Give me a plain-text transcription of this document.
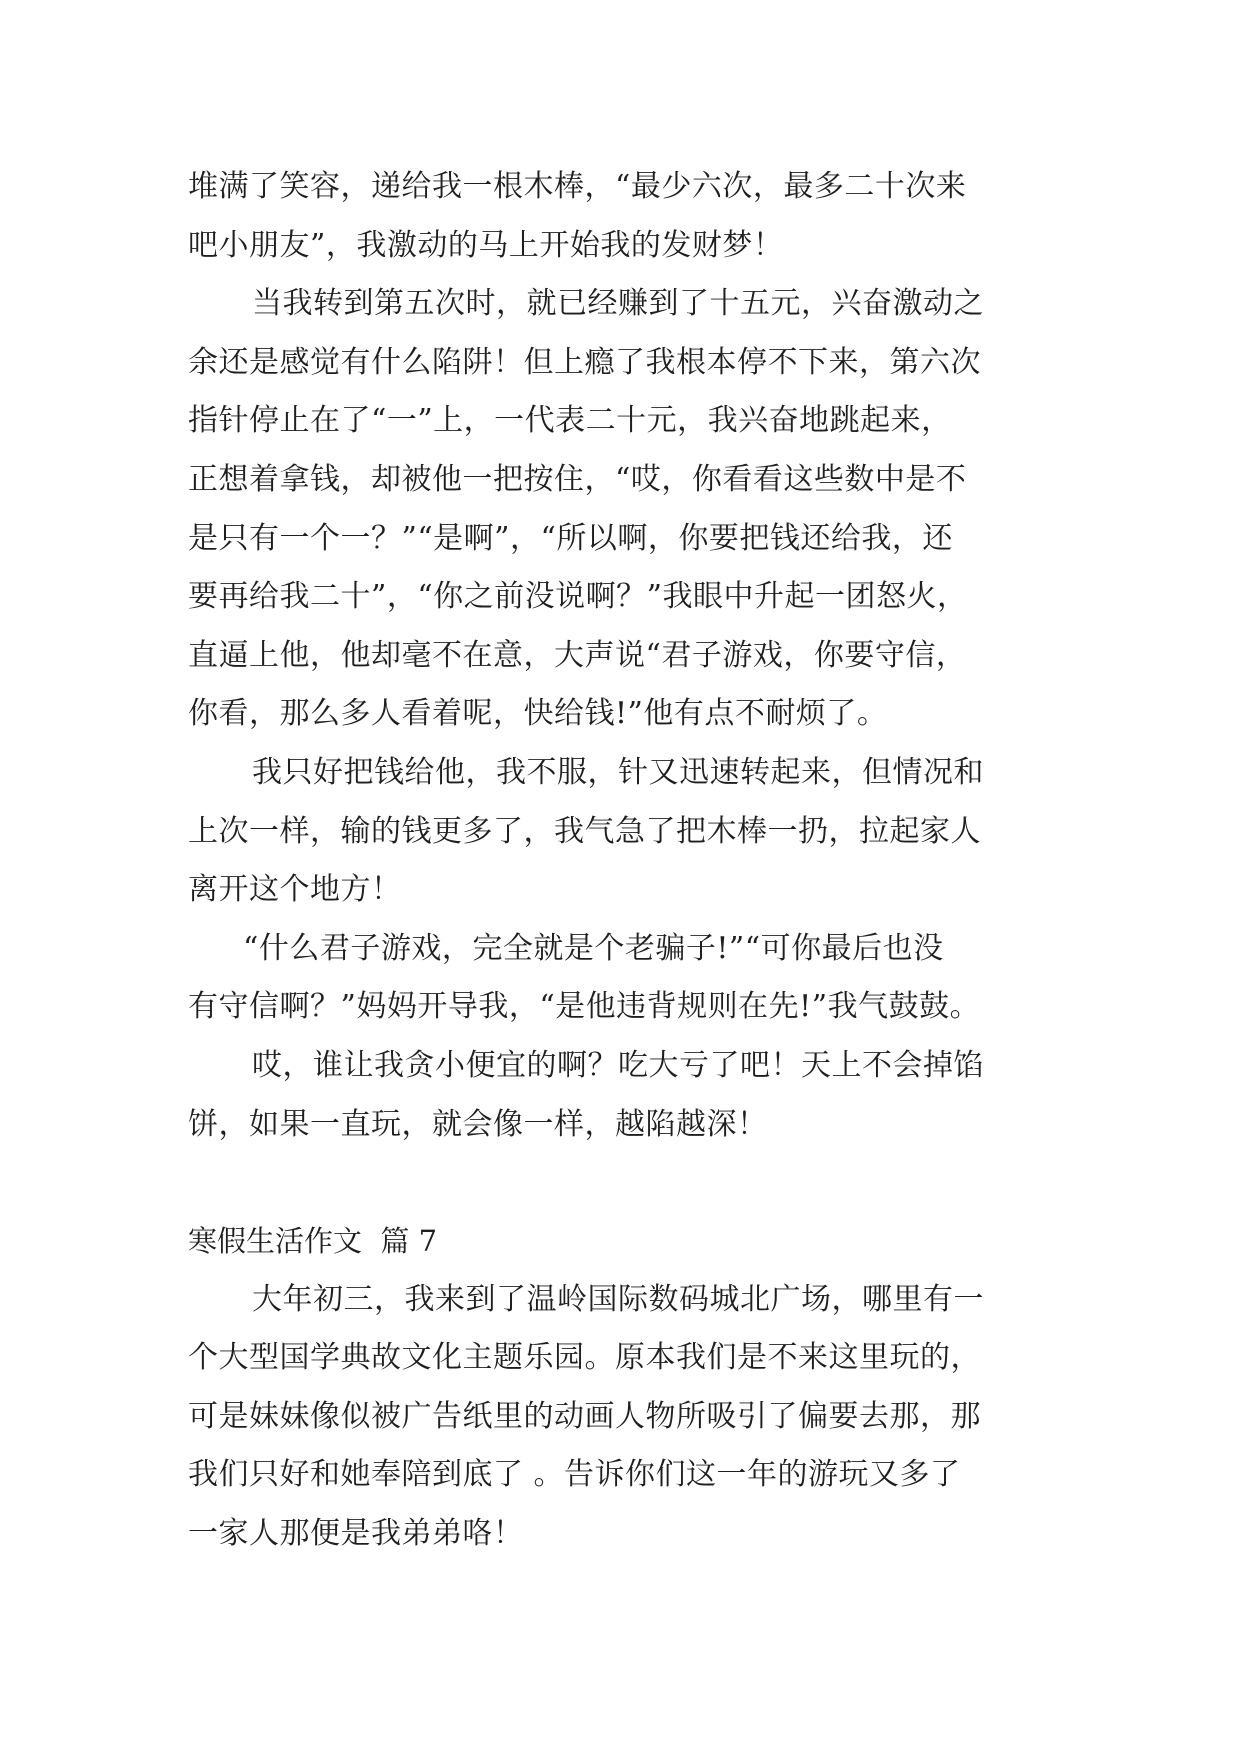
堆满了笑容，递给我一根木棒，“最少六次，最多二十次来
吧小朋友”，我激动的马上开始我的发财梦！
当我转到第五次时，就已经赚到了十五元，兴奋激动之
余还是感觉有什么陷阱！但上瘾了我根本停不下来，第六次
指针停止在了“一”上，一代表二十元，我兴奋地跳起来，
正想着拿钱，却被他一把按住，“哎，你看看这些数中是不
是只有一个一？”“是啊”，“所以啊，你要把钱还给我，还
要再给我二十”，“你之前没说啊？”我眼中升起一团怒火，
直逼上他，他却毫不在意，大声说“君子游戏，你要守信，
你看，那么多人看着呢，快给钱!”他有点不耐烦了。
我只好把钱给他，我不服，针又迅速转起来，但情况和
上次一样，输的钱更多了，我气急了把木棒一扔，拉起家人
离开这个地方！
“什么君子游戏，完全就是个老骗子!”“可你最后也没
有守信啊？”妈妈开导我，“是他违背规则在先!”我气鼓鼓。
哎，谁让我贪小便宜的啊？吃大亏了吧！天上不会掉馅
饼，如果一直玩，就会像一样，越陷越深！
寒假生活作文  篇 7
大年初三，我来到了温岭国际数码城北广场，哪里有一
个大型国学典故文化主题乐园。原本我们是不来这里玩的，
可是妹妹像似被广告纸里的动画人物所吸引了偏要去那，那
我们只好和她奉陪到底了 。告诉你们这一年的游玩又多了
一家人那便是我弟弟咯！
